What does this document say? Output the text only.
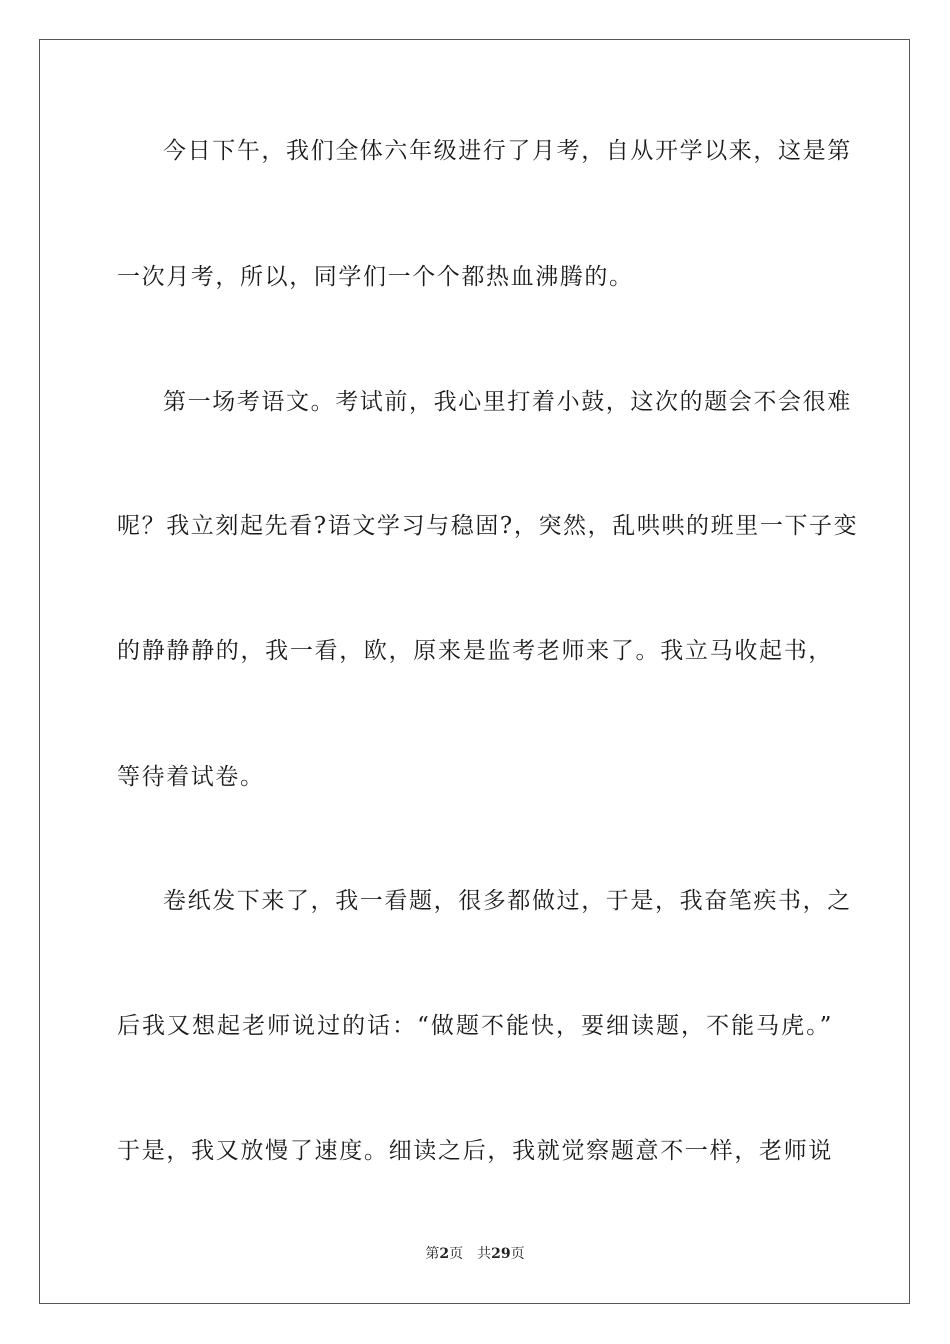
今日下午，我们全体六年级进行了月考，自从开学以来，这是第
一次月考，所以，同学们一个个都热血沸腾的。
第一场考语文。考试前，我心里打着小鼓，这次的题会不会很难
呢？我立刻起先看?语文学习与稳固?，突然，乱哄哄的班里一下子变
的静静静的，我一看，欧，原来是监考老师来了。我立马收起书，
等待着试卷。
卷纸发下来了，我一看题，很多都做过，于是，我奋笔疾书，之
后我又想起老师说过的话：“做题不能快，要细读题，不能马虎。”
于是，我又放慢了速度。细读之后，我就觉察题意不一样，老师说
第2页 共29页
